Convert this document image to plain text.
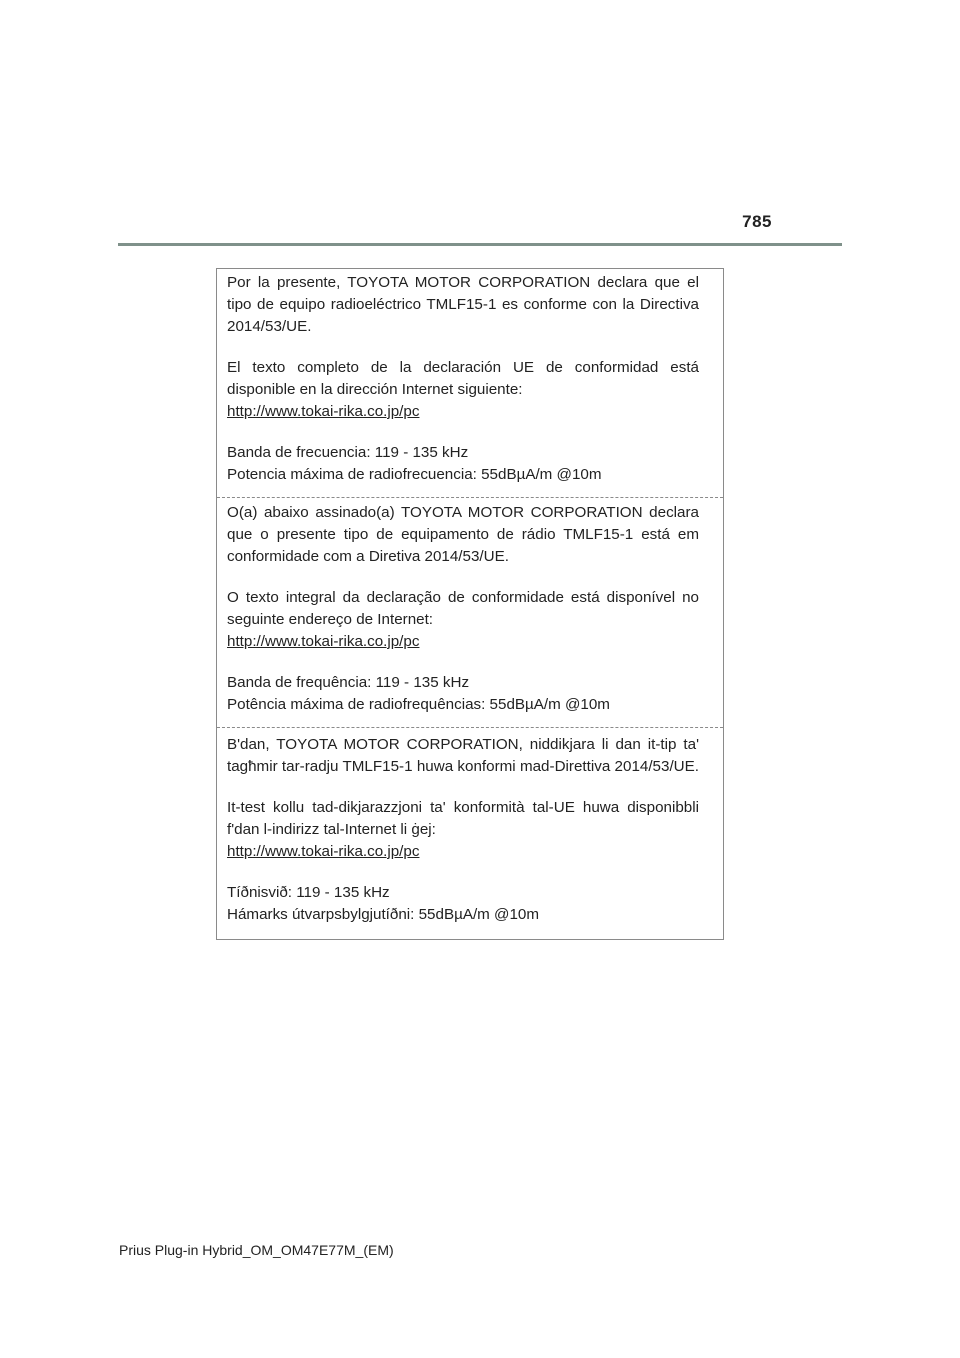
785

Por la presente, TOYOTA MOTOR CORPORATION declara que el tipo de equipo radioeléctrico TMLF15-1 es conforme con la Directiva 2014/53/UE.

El texto completo de la declaración UE de conformidad está disponible en la dirección Internet siguiente:

http://www.tokai-rika.co.jp/pc

Banda de frecuencia: 119 - 135 kHz

Potencia máxima de radiofrecuencia: 55dBµA/m @10m

O(a) abaixo assinado(a) TOYOTA MOTOR CORPORATION declara que o presente tipo de equipamento de rádio TMLF15-1 está em conformidade com a Diretiva 2014/53/UE.

O texto integral da declaração de conformidade está disponível no seguinte endereço de Internet:

http://www.tokai-rika.co.jp/pc

Banda de frequência: 119 - 135 kHz

Potência máxima de radiofrequências: 55dBµA/m @10m

B'dan, TOYOTA MOTOR CORPORATION, niddikjara li dan it-tip ta' tagħmir tar-radju TMLF15-1 huwa konformi mad-Direttiva 2014/53/UE.

It-test kollu tad-dikjarazzjoni ta' konformità tal-UE huwa disponibbli f'dan l-indirizz tal-Internet li ġej:

http://www.tokai-rika.co.jp/pc

Tíðnisvið: 119 - 135 kHz

Hámarks útvarpsbylgjutíðni: 55dBµA/m @10m

Prius Plug-in Hybrid_OM_OM47E77M_(EM)
